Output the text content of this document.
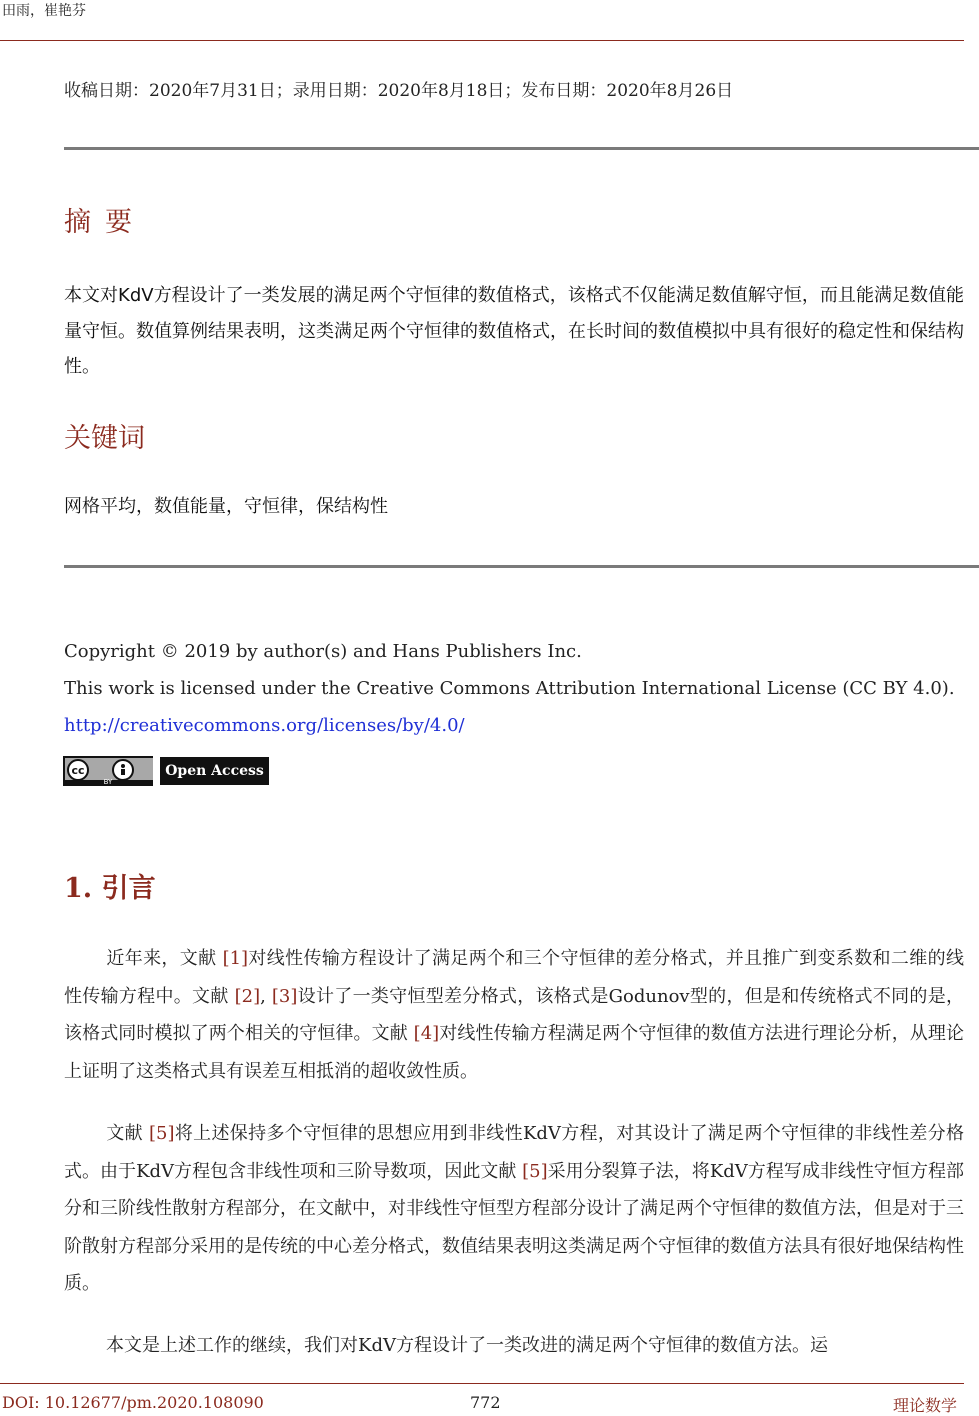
田雨，崔艳芬
收稿日期：2020年7月31日；录用日期：2020年8月18日；发布日期：2020年8月26日
摘要
本文对KdV方程设计了一类发展的满足两个守恒律的数值格式，该格式不仅能满足数值解守恒，而且能满足数值能量守恒。数值算例结果表明，这类满足两个守恒律的数值格式，在长时间的数值模拟中具有很好的稳定性和保结构性。
关键词
网格平均，数值能量，守恒律，保结构性
Copyright © 2019 by author(s) and Hans Publishers Inc.
This work is licensed under the Creative Commons Attribution International License (CC BY 4.0).
http://creativecommons.org/licenses/by/4.0/
cc
BY
Open Access
1. 引言
近年来，文献 [1]对线性传输方程设计了满足两个和三个守恒律的差分格式，并且推广到变系数和二维的线性传输方程中。文献 [2], [3]设计了一类守恒型差分格式，该格式是Godunov型的，但是和传统格式不同的是，该格式同时模拟了两个相关的守恒律。文献 [4]对线性传输方程满足两个守恒律的数值方法进行理论分析，从理论上证明了这类格式具有误差互相抵消的超收敛性质。
文献 [5]将上述保持多个守恒律的思想应用到非线性KdV方程，对其设计了满足两个守恒律的非线性差分格式。由于KdV方程包含非线性项和三阶导数项，因此文献 [5]采用分裂算子法，将KdV方程写成非线性守恒方程部分和三阶线性散射方程部分，在文献中，对非线性守恒型方程部分设计了满足两个守恒律的数值方法，但是对于三阶散射方程部分采用的是传统的中心差分格式，数值结果表明这类满足两个守恒律的数值方法具有很好地保结构性质。
本文是上述工作的继续，我们对KdV方程设计了一类改进的满足两个守恒律的数值方法。运
DOI: 10.12677/pm.2020.108090	772	理论数学
